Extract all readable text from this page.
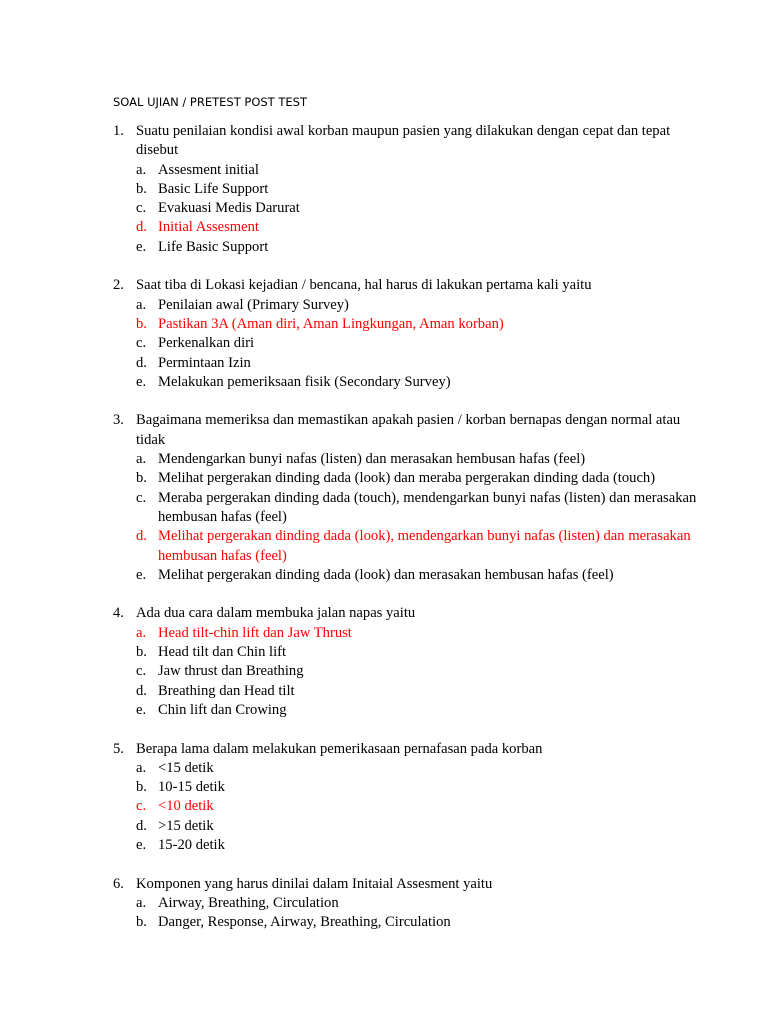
SOAL UJIAN / PRETEST POST TEST
1. Suatu penilaian kondisi awal korban maupun pasien yang dilakukan dengan cepat dan tepat disebut
a. Assesment initial
b. Basic Life Support
c. Evakuasi Medis Darurat
d. Initial Assesment
e. Life Basic Support
2. Saat tiba di Lokasi kejadian / bencana, hal harus di lakukan pertama kali yaitu
a. Penilaian awal (Primary Survey)
b. Pastikan 3A (Aman diri, Aman Lingkungan, Aman korban)
c. Perkenalkan diri
d. Permintaan Izin
e. Melakukan pemeriksaan fisik (Secondary Survey)
3. Bagaimana memeriksa dan memastikan apakah pasien / korban bernapas dengan normal atau tidak
a. Mendengarkan bunyi nafas (listen) dan merasakan hembusan hafas (feel)
b. Melihat pergerakan dinding dada (look) dan meraba pergerakan dinding dada (touch)
c. Meraba pergerakan dinding dada (touch), mendengarkan bunyi nafas (listen) dan merasakan hembusan hafas (feel)
d. Melihat pergerakan dinding dada (look), mendengarkan bunyi nafas (listen) dan merasakan hembusan hafas (feel)
e. Melihat pergerakan dinding dada (look) dan merasakan hembusan hafas (feel)
4. Ada dua cara dalam membuka jalan napas yaitu
a. Head tilt-chin lift dan Jaw Thrust
b. Head tilt dan Chin lift
c. Jaw thrust dan Breathing
d. Breathing dan Head tilt
e. Chin lift dan Crowing
5. Berapa lama dalam melakukan pemerikasaan pernafasan pada korban
a. <15 detik
b. 10-15 detik
c. <10 detik
d. >15 detik
e. 15-20 detik
6. Komponen yang harus dinilai dalam Initaial Assesment yaitu
a. Airway, Breathing, Circulation
b. Danger, Response, Airway, Breathing, Circulation
